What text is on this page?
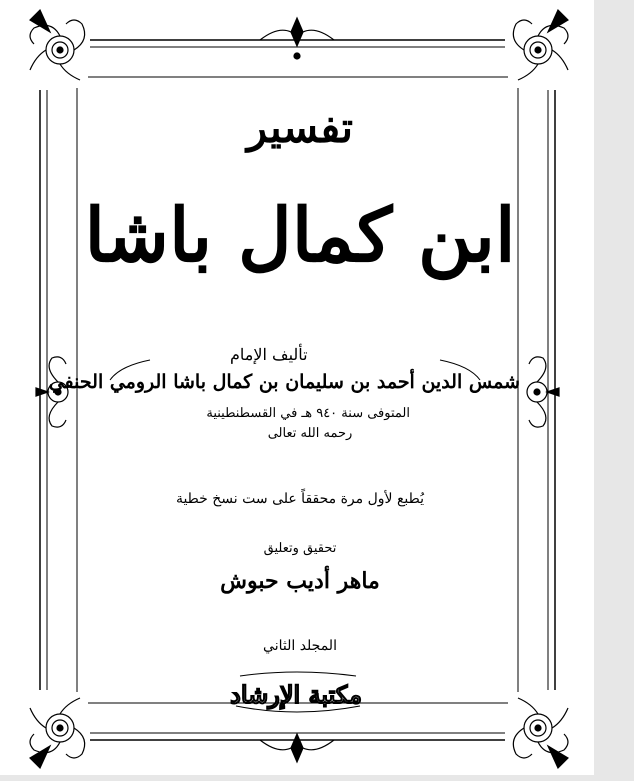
تفسير
ابن كمال باشا
تأليف الإمام
شمس الدين أحمد بن سليمان بن كمال باشا الرومي الحنفي
المتوفى سنة ٩٤٠ هـ في القسطنطينية
رحمه الله تعالى
يُطبع لأول مرة محققاً على ست نسخ خطية
تحقيق وتعليق
ماهر أديب حبوش
المجلد الثاني
مكتبة الإرشاد
